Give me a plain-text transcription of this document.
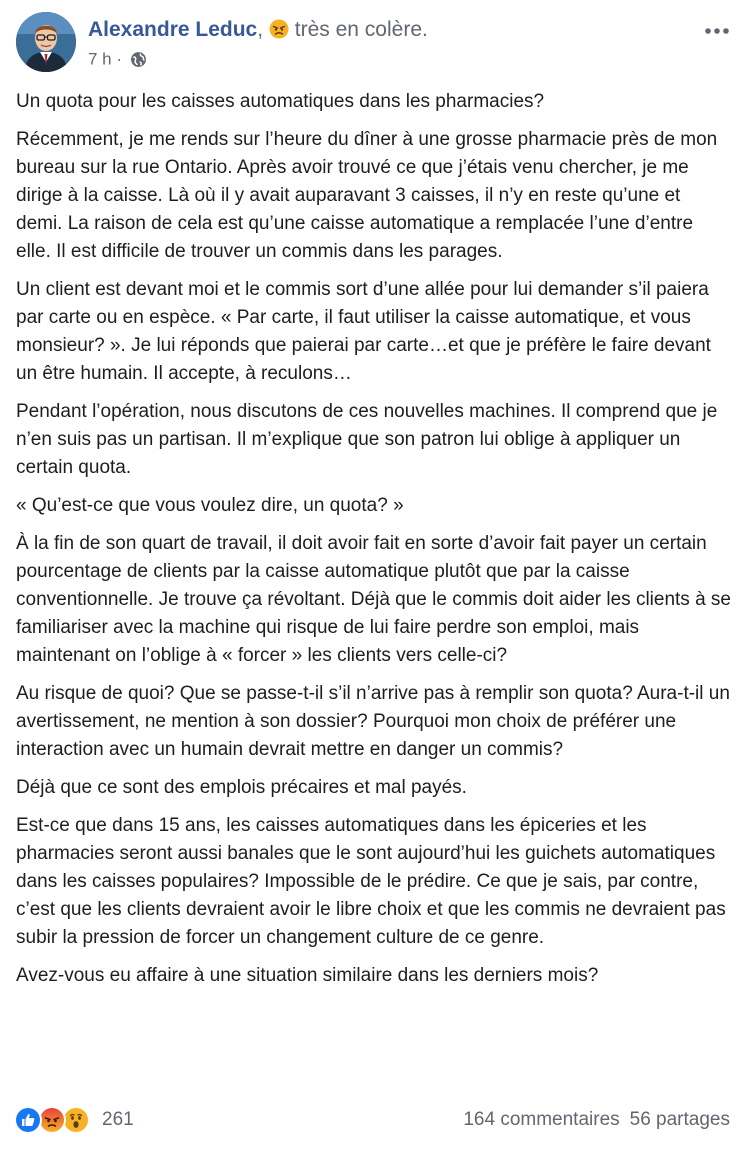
Alexandre Leduc, très en colère.
7 h ·

Un quota pour les caisses automatiques dans les pharmacies?

Récemment, je me rends sur l’heure du dîner à une grosse pharmacie près de mon bureau sur la rue Ontario. Après avoir trouvé ce que j’étais venu chercher, je me dirige à la caisse. Là où il y avait auparavant 3 caisses, il n’y en reste qu’une et demi. La raison de cela est qu’une caisse automatique a remplacée l’une d’entre elle. Il est difficile de trouver un commis dans les parages.

Un client est devant moi et le commis sort d’une allée pour lui demander s’il paiera par carte ou en espèce. « Par carte, il faut utiliser la caisse automatique, et vous monsieur? ». Je lui réponds que paierai par carte…et que je préfère le faire devant un être humain. Il accepte, à reculons…

Pendant l’opération, nous discutons de ces nouvelles machines. Il comprend que je n’en suis pas un partisan. Il m’explique que son patron lui oblige à appliquer un certain quota.

« Qu’est-ce que vous voulez dire, un quota? »

À la fin de son quart de travail, il doit avoir fait en sorte d’avoir fait payer un certain pourcentage de clients par la caisse automatique plutôt que par la caisse conventionnelle. Je trouve ça révoltant. Déjà que le commis doit aider les clients à se familiariser avec la machine qui risque de lui faire perdre son emploi, mais maintenant on l’oblige à « forcer » les clients vers celle-ci?

Au risque de quoi? Que se passe-t-il s’il n’arrive pas à remplir son quota? Aura-t-il un avertissement, ne mention à son dossier? Pourquoi mon choix de préférer une interaction avec un humain devrait mettre en danger un commis?

Déjà que ce sont des emplois précaires et mal payés.

Est-ce que dans 15 ans, les caisses automatiques dans les épiceries et les pharmacies seront aussi banales que le sont aujourd’hui les guichets automatiques dans les caisses populaires? Impossible de le prédire. Ce que je sais, par contre, c’est que les clients devraient avoir le libre choix et que les commis ne devraient pas subir la pression de forcer un changement culture de ce genre.

Avez-vous eu affaire à une situation similaire dans les derniers mois?

261	164 commentaires 56 partages
